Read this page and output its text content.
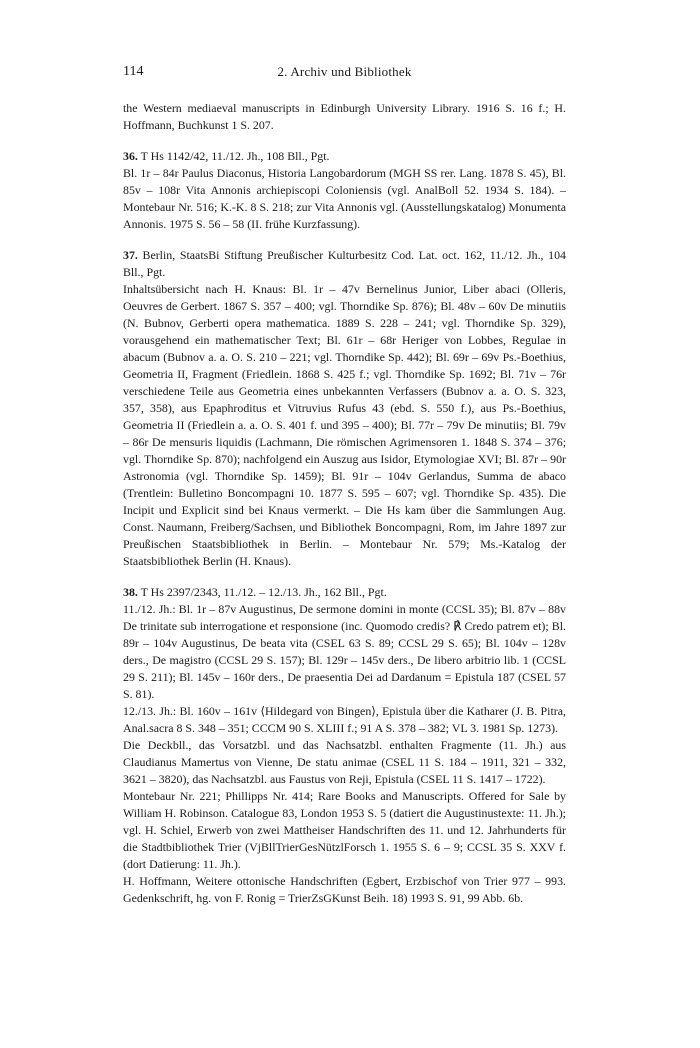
114	2. Archiv und Bibliothek

the Western mediaeval manuscripts in Edinburgh University Library. 1916 S. 16 f.; H. Hoffmann, Buchkunst 1 S. 207.

36. T Hs 1142/42, 11./12. Jh., 108 Bll., Pgt.

Bl. 1r – 84r Paulus Diaconus, Historia Langobardorum (MGH SS rer. Lang. 1878 S. 45), Bl. 85v – 108r Vita Annonis archiepiscopi Coloniensis (vgl. AnalBoll 52. 1934 S. 184). – Montebaur Nr. 516; K.-K. 8 S. 218; zur Vita Annonis vgl. (Ausstellungskatalog) Monumenta Annonis. 1975 S. 56 – 58 (II. frühe Kurzfassung).

37. Berlin, StaatsBi Stiftung Preußischer Kulturbesitz Cod. Lat. oct. 162, 11./12. Jh., 104 Bll., Pgt.

Inhaltsübersicht nach H. Knaus: Bl. 1r – 47v Bernelinus Junior, Liber abaci (Olleris, Oeuvres de Gerbert. 1867 S. 357 – 400; vgl. Thorndike Sp. 876); Bl. 48v – 60v De minutiis (N. Bubnov, Gerberti opera mathematica. 1889 S. 228 – 241; vgl. Thorndike Sp. 329), vorausgehend ein mathematischer Text; Bl. 61r – 68r Heriger von Lobbes, Regulae in abacum (Bubnov a. a. O. S. 210 – 221; vgl. Thorndike Sp. 442); Bl. 69r – 69v Ps.-Boethius, Geometria II, Fragment (Friedlein. 1868 S. 425 f.; vgl. Thorndike Sp. 1692; Bl. 71v – 76r verschiedene Teile aus Geometria eines unbekannten Verfassers (Bubnov a. a. O. S. 323, 357, 358), aus Epaphroditus et Vitruvius Rufus 43 (ebd. S. 550 f.), aus Ps.-Boethius, Geometria II (Friedlein a. a. O. S. 401 f. und 395 – 400); Bl. 77r – 79v De minutiis; Bl. 79v – 86r De mensuris liquidis (Lachmann, Die römischen Agrimensoren 1. 1848 S. 374 – 376; vgl. Thorndike Sp. 870); nachfolgend ein Auszug aus Isidor, Etymologiae XVI; Bl. 87r – 90r Astronomia (vgl. Thorndike Sp. 1459); Bl. 91r – 104v Gerlandus, Summa de abaco (Trentlein: Bulletino Boncompagni 10. 1877 S. 595 – 607; vgl. Thorndike Sp. 435). Die Incipit und Explicit sind bei Knaus vermerkt. – Die Hs kam über die Sammlungen Aug. Const. Naumann, Freiberg/Sachsen, und Bibliothek Boncompagni, Rom, im Jahre 1897 zur Preußischen Staatsbibliothek in Berlin. – Montebaur Nr. 579; Ms.-Katalog der Staatsbibliothek Berlin (H. Knaus).

38. T Hs 2397/2343, 11./12. – 12./13. Jh., 162 Bll., Pgt.

11./12. Jh.: Bl. 1r – 87v Augustinus, De sermone domini in monte (CCSL 35); Bl. 87v – 88v De trinitate sub interrogatione et responsione (inc. Quomodo credis? ℟ Credo patrem et); Bl. 89r – 104v Augustinus, De beata vita (CSEL 63 S. 89; CCSL 29 S. 65); Bl. 104v – 128v ders., De magistro (CCSL 29 S. 157); Bl. 129r – 145v ders., De libero arbitrio lib. 1 (CCSL 29 S. 211); Bl. 145v – 160r ders., De praesentia Dei ad Dardanum = Epistula 187 (CSEL 57 S. 81).

12./13. Jh.: Bl. 160v – 161v ⟨Hildegard von Bingen⟩, Epistula über die Katharer (J. B. Pitra, Anal.sacra 8 S. 348 – 351; CCCM 90 S. XLIII f.; 91 A S. 378 – 382; VL 3. 1981 Sp. 1273).

Die Deckbll., das Vorsatzbl. und das Nachsatzbl. enthalten Fragmente (11. Jh.) aus Claudianus Mamertus von Vienne, De statu animae (CSEL 11 S. 184 – 1911, 321 – 332, 3621 – 3820), das Nachsatzbl. aus Faustus von Reji, Epistula (CSEL 11 S. 1417 – 1722).

Montebaur Nr. 221; Phillipps Nr. 414; Rare Books and Manuscripts. Offered for Sale by William H. Robinson. Catalogue 83, London 1953 S. 5 (datiert die Augustinustexte: 11. Jh.); vgl. H. Schiel, Erwerb von zwei Mattheiser Handschriften des 11. und 12. Jahrhunderts für die Stadtbibliothek Trier (VjBllTrierGesNützlForsch 1. 1955 S. 6 – 9; CCSL 35 S. XXV f. (dort Datierung: 11. Jh.).

H. Hoffmann, Weitere ottonische Handschriften (Egbert, Erzbischof von Trier 977 – 993. Gedenkschrift, hg. von F. Ronig = TrierZsGKunst Beih. 18) 1993 S. 91, 99 Abb. 6b.
